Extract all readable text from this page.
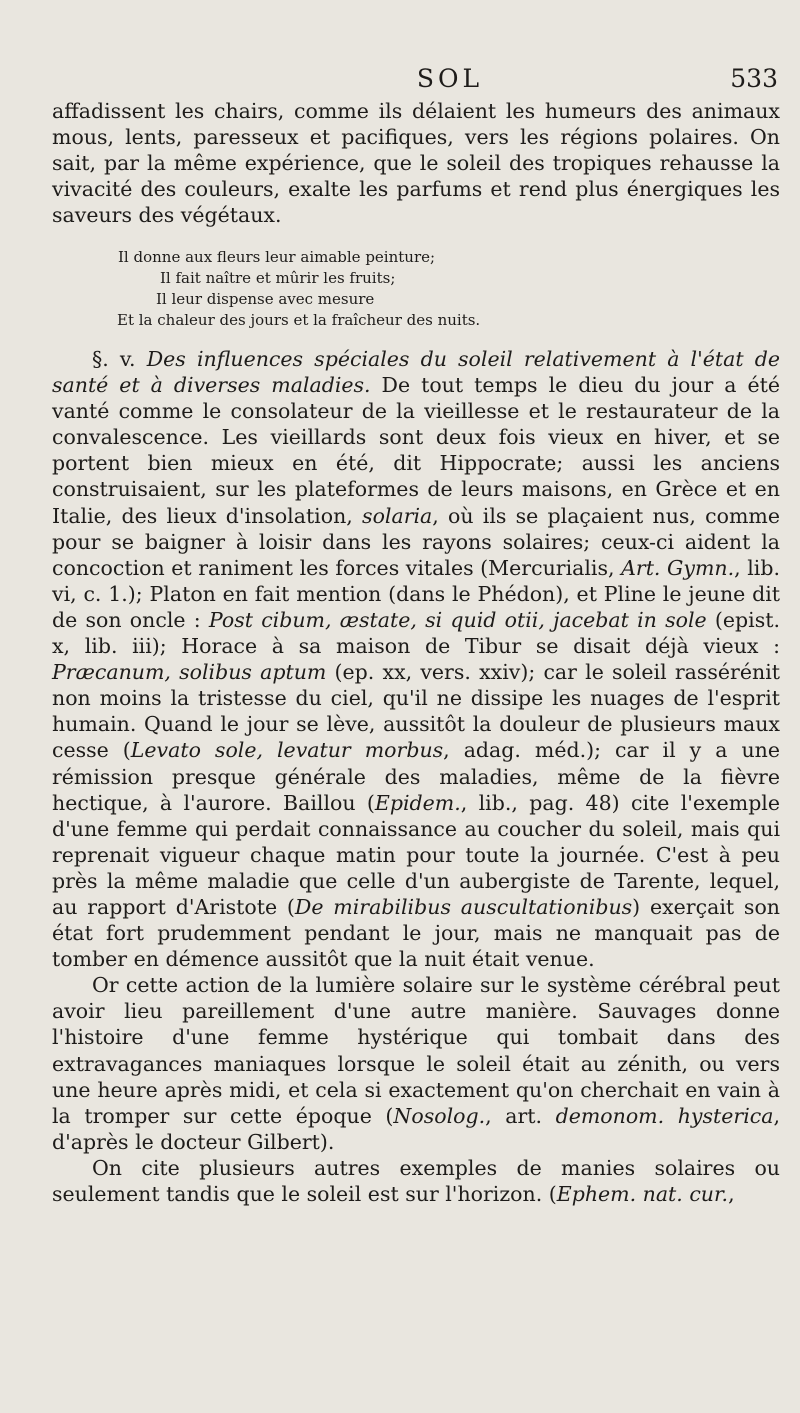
SOL	533

affadissent les chairs, comme ils délaient les humeurs des animaux mous, lents, paresseux et pacifiques, vers les régions polaires. On sait, par la même expérience, que le soleil des tropiques rehausse la vivacité des couleurs, exalte les parfums et rend plus énergiques les saveurs des végétaux.

Il donne aux fleurs leur aimable peinture;
Il fait naître et mûrir les fruits;
Il leur dispense avec mesure
Et la chaleur des jours et la fraîcheur des nuits.

§. v. Des influences spéciales du soleil relativement à l'état de santé et à diverses maladies. De tout temps le dieu du jour a été vanté comme le consolateur de la vieillesse et le restaurateur de la convalescence. Les vieillards sont deux fois vieux en hiver, et se portent bien mieux en été, dit Hippocrate; aussi les anciens construisaient, sur les plateformes de leurs maisons, en Grèce et en Italie, des lieux d'insolation, solaria, où ils se plaçaient nus, comme pour se baigner à loisir dans les rayons solaires; ceux-ci aident la concoction et raniment les forces vitales (Mercurialis, Art. Gymn., lib. vi, c. 1.); Platon en fait mention (dans le Phédon), et Pline le jeune dit de son oncle : Post cibum, æstate, si quid otii, jacebat in sole (epist. x, lib. iii); Horace à sa maison de Tibur se disait déjà vieux : Præcanum, solibus aptum (ep. xx, vers. xxiv); car le soleil rassérénit non moins la tristesse du ciel, qu'il ne dissipe les nuages de l'esprit humain. Quand le jour se lève, aussitôt la douleur de plusieurs maux cesse (Levato sole, levatur morbus, adag. méd.); car il y a une rémission presque générale des maladies, même de la fièvre hectique, à l'aurore. Baillou (Epidem., lib., pag. 48) cite l'exemple d'une femme qui perdait connaissance au coucher du soleil, mais qui reprenait vigueur chaque matin pour toute la journée. C'est à peu près la même maladie que celle d'un aubergiste de Tarente, lequel, au rapport d'Aristote (De mirabilibus auscultationibus) exerçait son état fort prudemment pendant le jour, mais ne manquait pas de tomber en démence aussitôt que la nuit était venue.

Or cette action de la lumière solaire sur le système cérébral peut avoir lieu pareillement d'une autre manière. Sauvages donne l'histoire d'une femme hystérique qui tombait dans des extravagances maniaques lorsque le soleil était au zénith, ou vers une heure après midi, et cela si exactement qu'on cherchait en vain à la tromper sur cette époque (Nosolog., art. demonom. hysterica, d'après le docteur Gilbert).

On cite plusieurs autres exemples de manies solaires ou seulement tandis que le soleil est sur l'horizon. (Ephem. nat. cur.,
